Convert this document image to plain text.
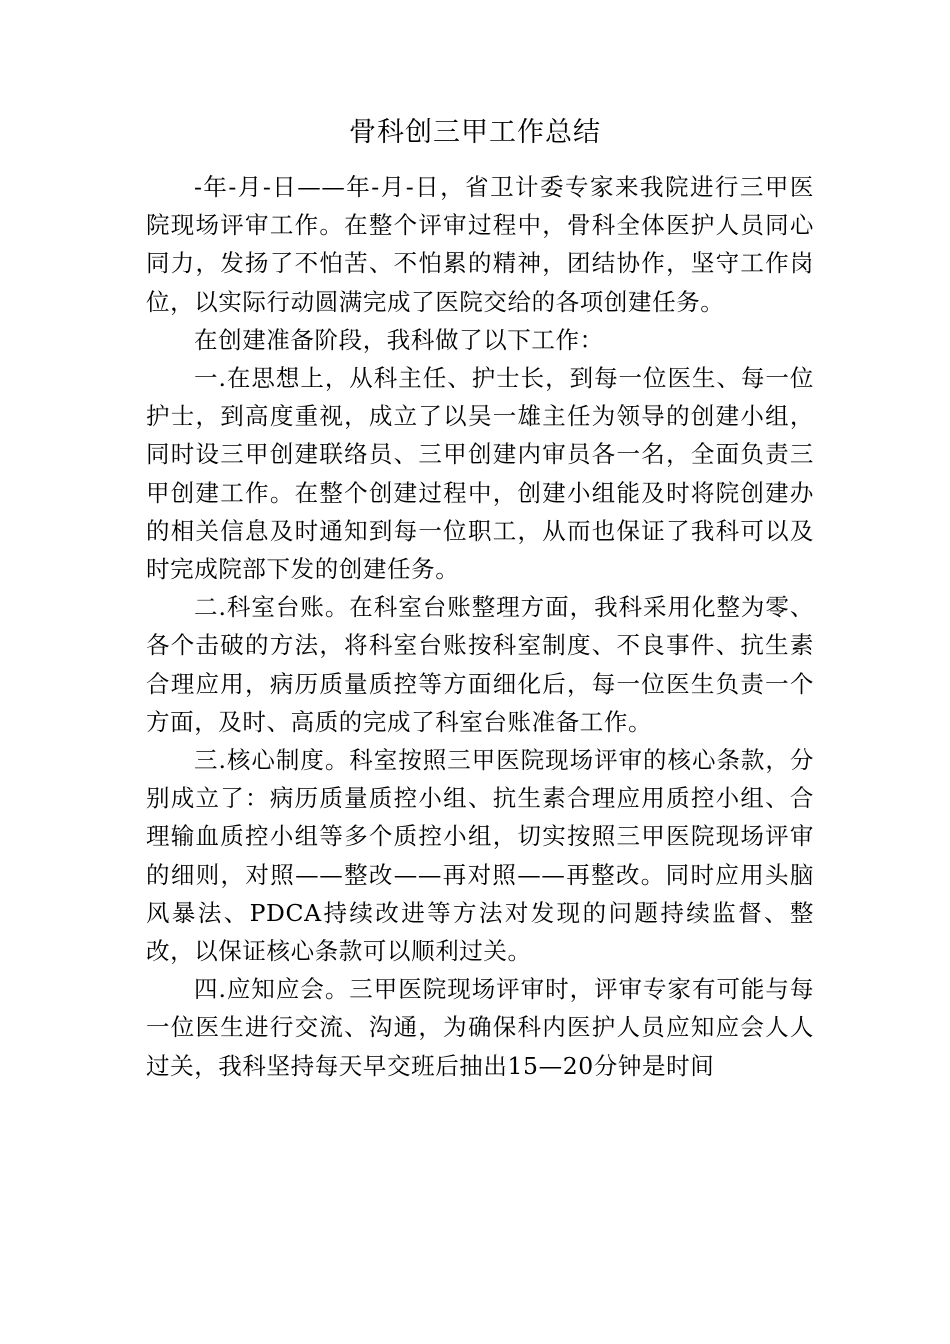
骨科创三甲工作总结

-年-月-日——年-月-日，省卫计委专家来我院进行三甲医院现场评审工作。在整个评审过程中，骨科全体医护人员同心同力，发扬了不怕苦、不怕累的精神，团结协作，坚守工作岗位，以实际行动圆满完成了医院交给的各项创建任务。

在创建准备阶段，我科做了以下工作：

一.在思想上，从科主任、护士长，到每一位医生、每一位护士，到高度重视，成立了以吴一雄主任为领导的创建小组，同时设三甲创建联络员、三甲创建内审员各一名，全面负责三甲创建工作。在整个创建过程中，创建小组能及时将院创建办的相关信息及时通知到每一位职工，从而也保证了我科可以及时完成院部下发的创建任务。

二.科室台账。在科室台账整理方面，我科采用化整为零、各个击破的方法，将科室台账按科室制度、不良事件、抗生素合理应用，病历质量质控等方面细化后，每一位医生负责一个方面，及时、高质的完成了科室台账准备工作。

三.核心制度。科室按照三甲医院现场评审的核心条款，分别成立了：病历质量质控小组、抗生素合理应用质控小组、合理输血质控小组等多个质控小组，切实按照三甲医院现场评审的细则，对照——整改——再对照——再整改。同时应用头脑风暴法、PDCA持续改进等方法对发现的问题持续监督、整改，以保证核心条款可以顺利过关。

四.应知应会。三甲医院现场评审时，评审专家有可能与每一位医生进行交流、沟通，为确保科内医护人员应知应会人人过关，我科坚持每天早交班后抽出15—20分钟是时间
